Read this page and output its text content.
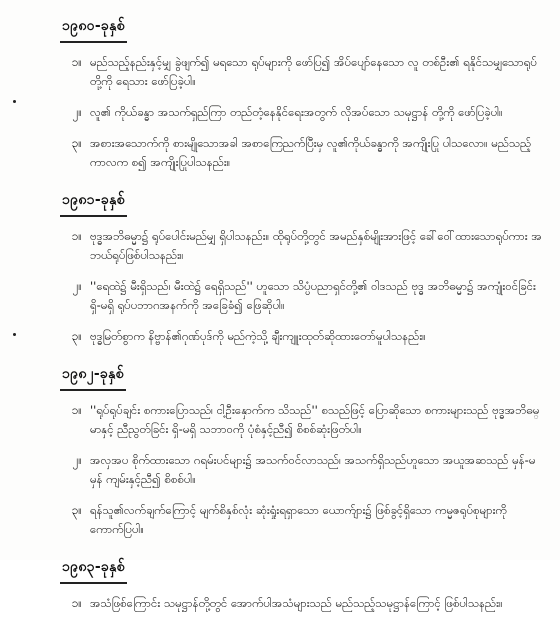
၁၉၈၀-ခုနှစ်
၁။ မည်သည့်နည်းနှင့်မျှ ခွဲဖျက်၍ မရသော ရုပ်များကို ဖော်ပြ၍ အိပ်ပျော်နေသော လူ တစ်ဦး၏ ရနိုင်သမျှသောရုပ်တို့ကို ရေသား ဖော်ပြခဲ့ပါ။
၂။ လူ၏ ကိုယ်ခန္ဓာ အသက်ရှည်ကြာ တည်တံ့နေနိုင်ရေးအတွက် လိုအပ်သော သမုဋ္ဌာန် တို့ကို ဖော်ပြခဲ့ပါ။
၃။ အစားအသောက်ကို စားမျိုသောအခါ အစာကြေညက်ပြီးမှ လူ၏ကိုယ်ခန္ဓာကို အကျိုးပြု ပါသလော။ မည်သည့်ကာလက စ၍ အကျိုးပြုပါသနည်း။
၁၉၈၁-ခုနှစ်
၁။ ဗုဒ္ဓအဘိဓမ္မာ၌ ရုပ်ပေါင်းမည်မျှ ရှိပါသနည်း။ ထိုရုပ်တို့တွင် အမည်နှစ်မျိုးအားဖြင့် ခေါ်ဝေါ်ထားသောရုပ်ကား အဘယ်ရုပ်ဖြစ်ပါသနည်း။
၂။ ''ရေထဲ၌ မီးရှိသည်၊ မီးထဲ၌ ရေရှိသည်'' ဟူသော သိပ္ပံပညာရှင်တို့၏ ဝါဒသည် ဗုဒ္ဓ အဘိဓမ္မာ၌ အကျုံးဝင်ခြင်း ရှိ-မရှိ ရုပ်ပဘာဂအနက်ကို အခြေခံ၍ ဖြေဆိုပါ။
၃။ ဗုဒ္ဓမြတ်စွာက နိဗ္ဗာန်၏ဂုဏ်ပုဒ်ကို မည်ကဲ့သို့ ချီးကျူးထုတ်ဆိုထားတော်မူပါသနည်း။
၁၉၈၂-ခုနှစ်
၁။ ''ရုပ်ရုပ်ချင်း စကားပြောသည်၊ ငါ့ဦးနှောက်က သိသည်'' စသည်ဖြင့် ပြောဆိုသော စကားများသည် ဗုဒ္ဓအဘိဓမ္မာနှင့် ညီညွတ်ခြင်း ရှိ-မရှိ သဘာဝကို ပုံစံနှင့်ညီ၍ စိစစ်ဆုံးဖြတ်ပါ။
၂။ အလှအပ စိုက်ထားသော ဂရမ်းပင်များ၌ အသက်ဝင်လာသည်၊ အသက်ရှိသည်ဟူသော အယူအဆသည် မှန်-မမှန် ကျမ်းနှင့်ညီ၍ စိစစ်ပါ။
၃။ ရန်သူ၏လက်ချက်ကြောင့် မျက်စိနှစ်လုံး ဆုံးရှုံးရရှာသော ယောက်ျား၌ ဖြစ်ခွင့်ရှိသော ကမ္မဇရုပ်စုများကို ကောက်ပြပါ။
၁၉၈၃-ခုနှစ်
၁။ အသံဖြစ်ကြောင်း သမုဋ္ဌာန်တို့တွင် အောက်ပါအသံများသည် မည်သည့်သမုဋ္ဌာန်ကြောင့် ဖြစ်ပါသနည်း။
